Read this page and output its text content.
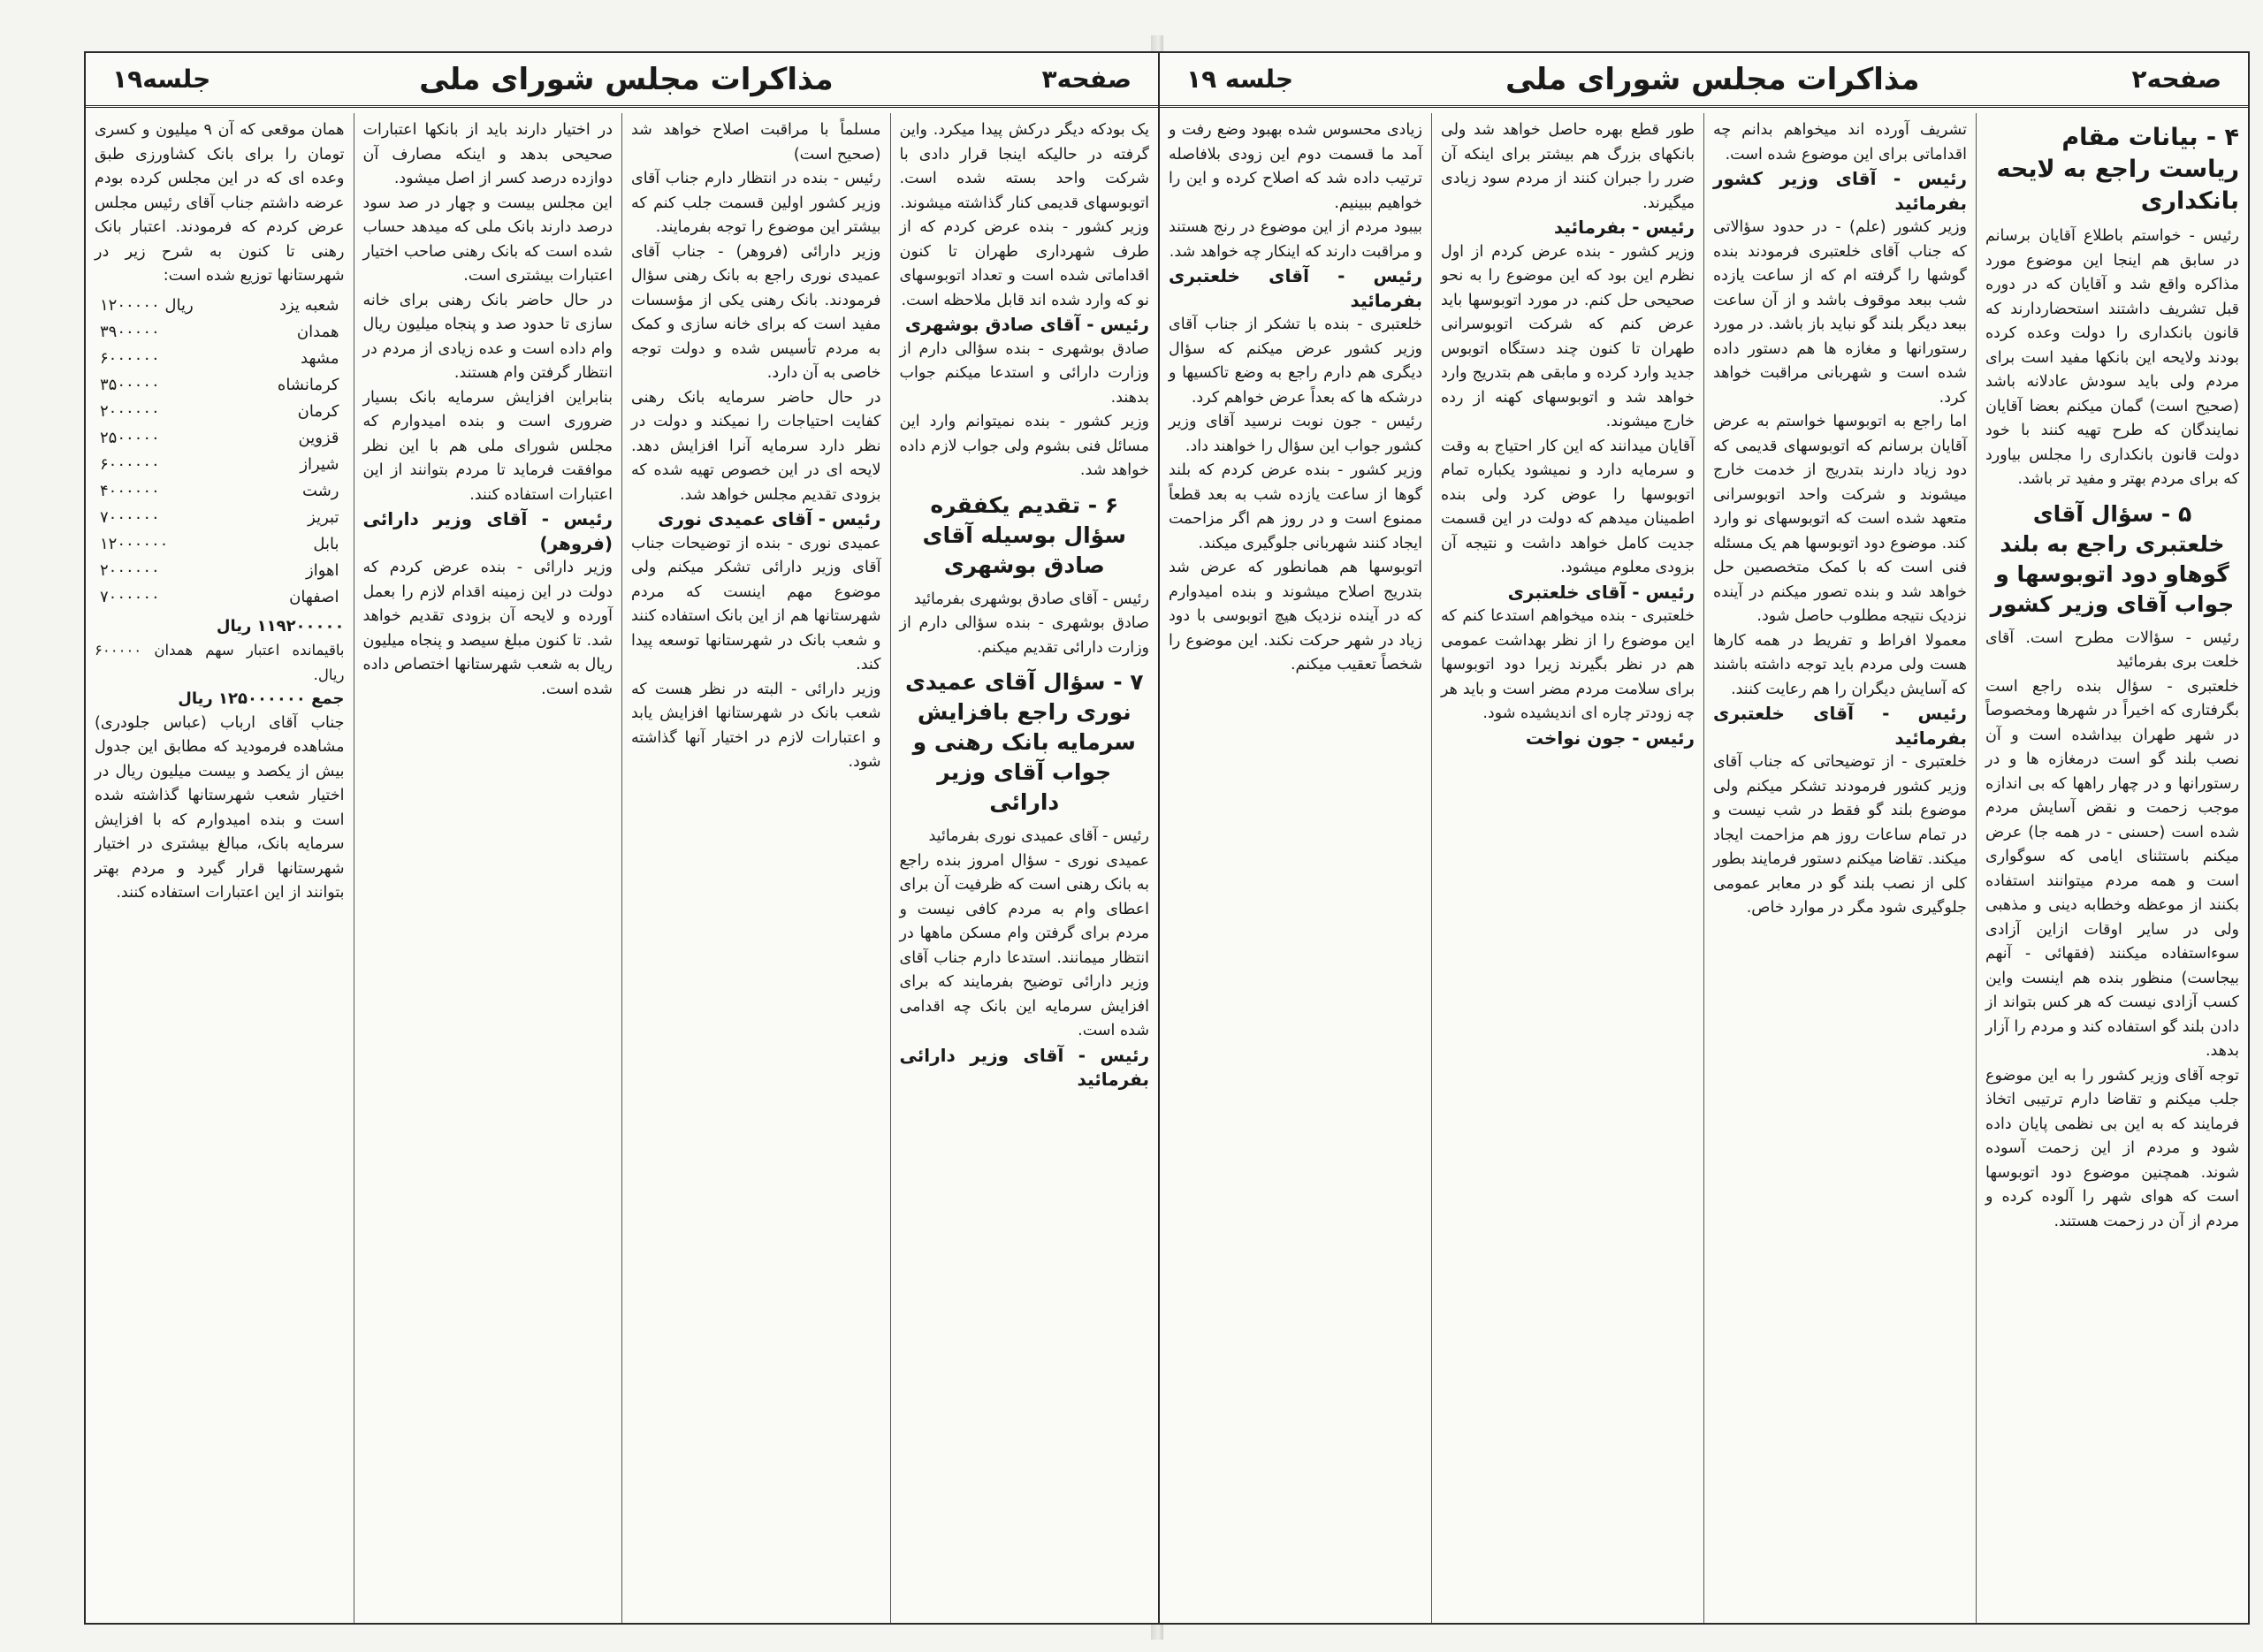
صفحه۲
مذاکرات مجلس شورای ملی
جلسه ۱۹
۴ - بیانات مقام ریاست راجع به لایحه بانکداری

رئیس - خواستم باطلاع آقایان برسانم در سابق هم اینجا این موضوع مورد مذاکره واقع شد و آقایان که در دوره قبل تشریف داشتند استحضاردارند که قانون بانکداری را دولت وعده کرده بودند ولایحه این بانکها مفید است برای مردم ولی باید سودش عادلانه باشد (صحیح است) گمان میکنم بعضا آقایان نمایندگان که طرح تهیه کنند با خود دولت قانون بانکداری را مجلس بیاورد که برای مردم بهتر و مفید تر باشد.

۵ - سؤال آقای خلعتبری راجع به بلند گوهاو دود اتوبوسها و جواب آقای وزیر کشور

رئیس - سؤالات مطرح است. آقای خلعت بری بفرمائید

خلعتبری - سؤال بنده راجع است بگرفتاری که اخیراً در شهرها ومخصوصاً در شهر طهران بیداشده است و آن نصب بلند گو است درمغازه ها و در رستورانها و در چهار راهها که بی اندازه موجب زحمت و نقض آسایش مردم شده است (حسنی - در همه جا) عرض میکنم باستثنای ایامی که سوگواری است و همه مردم میتوانند استفاده بکنند از موعظه وخطابه دینی و مذهبی ولی در سایر اوقات ازاین آزادی سوءاستفاده میکنند (فقهائی - آنهم بیجاست) منظور بنده هم اینست واین کسب آزادی نیست که هر کس بتواند از دادن بلند گو استفاده کند و مردم را آزار بدهد.

توجه آقای وزیر کشور را به این موضوع جلب میکنم و تقاضا دارم ترتیبی اتخاذ فرمایند که به این بی نظمی پایان داده شود و مردم از این زحمت آسوده شوند. همچنین موضوع دود اتوبوسها است که هوای شهر را آلوده کرده و مردم از آن در زحمت هستند.

تشریف آورده اند میخواهم بدانم چه اقداماتی برای این موضوع شده است.

رئیس - آقای وزیر کشور بفرمائید

وزیر کشور (علم) - در حدود سؤالاتی که جناب آقای خلعتبری فرمودند بنده گوشها را گرفته ام که از ساعت یازده شب ببعد موقوف باشد و از آن ساعت ببعد دیگر بلند گو نباید باز باشد. در مورد رستورانها و مغازه ها هم دستور داده شده است و شهربانی مراقبت خواهد کرد.

اما راجع به اتوبوسها خواستم به عرض آقایان برسانم که اتوبوسهای قدیمی که دود زیاد دارند بتدریج از خدمت خارج میشوند و شرکت واحد اتوبوسرانی متعهد شده است که اتوبوسهای نو وارد کند. موضوع دود اتوبوسها هم یک مسئله فنی است که با کمک متخصصین حل خواهد شد و بنده تصور میکنم در آینده نزدیک نتیجه مطلوب حاصل شود.

معمولا افراط و تفریط در همه کارها هست ولی مردم باید توجه داشته باشند که آسایش دیگران را هم رعایت کنند.

رئیس - آقای خلعتبری بفرمائید

خلعتبری - از توضیحاتی که جناب آقای وزیر کشور فرمودند تشکر میکنم ولی موضوع بلند گو فقط در شب نیست و در تمام ساعات روز هم مزاحمت ایجاد میکند. تقاضا میکنم دستور فرمایند بطور کلی از نصب بلند گو در معابر عمومی جلوگیری شود مگر در موارد خاص.

طور قطع بهره حاصل خواهد شد ولی بانکهای بزرگ هم بیشتر برای اینکه آن ضرر را جبران کنند از مردم سود زیادی میگیرند.

رئیس - بفرمائید

وزیر کشور - بنده عرض کردم از اول نظرم این بود که این موضوع را به نحو صحیحی حل کنم. در مورد اتوبوسها باید عرض کنم که شرکت اتوبوسرانی طهران تا کنون چند دستگاه اتوبوس جدید وارد کرده و مابقی هم بتدریج وارد خواهد شد و اتوبوسهای کهنه از رده خارج میشوند.

آقایان میدانند که این کار احتیاج به وقت و سرمایه دارد و نمیشود یکباره تمام اتوبوسها را عوض کرد ولی بنده اطمینان میدهم که دولت در این قسمت جدیت کامل خواهد داشت و نتیجه آن بزودی معلوم میشود.

رئیس - آقای خلعتبری

خلعتبری - بنده میخواهم استدعا کنم که این موضوع را از نظر بهداشت عمومی هم در نظر بگیرند زیرا دود اتوبوسها برای سلامت مردم مضر است و باید هر چه زودتر چاره ای اندیشیده شود.

رئیس - جون نواخت

زیادی محسوس شده بهبود وضع رفت و آمد ما قسمت دوم این زودی بلافاصله ترتیب داده شد که اصلاح کرده و این را خواهیم ببینیم.

بیبود مردم از این موضوع در رنج هستند و مراقبت دارند که اینکار چه خواهد شد.

رئیس - آقای خلعتبری بفرمائید

خلعتبری - بنده با تشکر از جناب آقای وزیر کشور عرض میکنم که سؤال دیگری هم دارم راجع به وضع تاکسیها و درشکه ها که بعداً عرض خواهم کرد.

رئیس - جون نوبت نرسید آقای وزیر کشور جواب این سؤال را خواهند داد.

وزیر کشور - بنده عرض کردم که بلند گوها از ساعت یازده شب به بعد قطعاً ممنوع است و در روز هم اگر مزاحمت ایجاد کنند شهربانی جلوگیری میکند.

اتوبوسها هم همانطور که عرض شد بتدریج اصلاح میشوند و بنده امیدوارم که در آینده نزدیک هیچ اتوبوسی با دود زیاد در شهر حرکت نکند. این موضوع را شخصاً تعقیب میکنم.

صفحه۳
مذاکرات مجلس شورای ملی
جلسه۱۹

یک بودکه دیگر درکش پیدا میکرد. واین گرفته در حالیکه اینجا قرار دادی با شرکت واحد بسته شده است. اتوبوسهای قدیمی کنار گذاشته میشوند.

وزیر کشور - بنده عرض کردم که از طرف شهرداری طهران تا کنون اقداماتی شده است و تعداد اتوبوسهای نو که وارد شده اند قابل ملاحظه است.

رئیس - آقای صادق بوشهری

صادق بوشهری - بنده سؤالی دارم از وزارت دارائی و استدعا میکنم جواب بدهند.

وزیر کشور - بنده نمیتوانم وارد این مسائل فنی بشوم ولی جواب لازم داده خواهد شد.

۶ - تقدیم یکفقره سؤال بوسیله آقای صادق بوشهری

رئیس - آقای صادق بوشهری بفرمائید

صادق بوشهری - بنده سؤالی دارم از وزارت دارائی تقدیم میکنم.

۷ - سؤال آقای عمیدی نوری راجع بافزایش سرمایه بانک رهنی و جواب آقای وزیر دارائی

رئیس - آقای عمیدی نوری بفرمائید

عمیدی نوری - سؤال امروز بنده راجع به بانک رهنی است که ظرفیت آن برای اعطای وام به مردم کافی نیست و مردم برای گرفتن وام مسکن ماهها در انتظار میمانند. استدعا دارم جناب آقای وزیر دارائی توضیح بفرمایند که برای افزایش سرمایه این بانک چه اقدامی شده است.

رئیس - آقای وزیر دارائی بفرمائید

مسلماً با مراقبت اصلاح خواهد شد (صحیح است)

رئیس - بنده در انتظار دارم جناب آقای وزیر کشور اولین قسمت جلب کنم که بیشتر این موضوع را توجه بفرمایند.

وزیر دارائی (فروهر) - جناب آقای عمیدی نوری راجع به بانک رهنی سؤال فرمودند. بانک رهنی یکی از مؤسسات مفید است که برای خانه سازی و کمک به مردم تأسیس شده و دولت توجه خاصی به آن دارد.

در حال حاضر سرمایه بانک رهنی کفایت احتیاجات را نمیکند و دولت در نظر دارد سرمایه آنرا افزایش دهد. لایحه ای در این خصوص تهیه شده که بزودی تقدیم مجلس خواهد شد.

رئیس - آقای عمیدی نوری

عمیدی نوری - بنده از توضیحات جناب آقای وزیر دارائی تشکر میکنم ولی موضوع مهم اینست که مردم شهرستانها هم از این بانک استفاده کنند و شعب بانک در شهرستانها توسعه پیدا کند.

وزیر دارائی - البته در نظر هست که شعب بانک در شهرستانها افزایش یابد و اعتبارات لازم در اختیار آنها گذاشته شود.

در اختیار دارند باید از بانکها اعتبارات صحیحی بدهد و اینکه مصارف آن دوازده درصد کسر از اصل میشود.

این مجلس بیست و چهار در صد سود درصد دارند بانک ملی که میدهد حساب شده است که بانک رهنی صاحب اختیار اعتبارات بیشتری است.

در حال حاضر بانک رهنی برای خانه سازی تا حدود صد و پنجاه میلیون ریال وام داده است و عده زیادی از مردم در انتظار گرفتن وام هستند.

بنابراین افزایش سرمایه بانک بسیار ضروری است و بنده امیدوارم که مجلس شورای ملی هم با این نظر موافقت فرماید تا مردم بتوانند از این اعتبارات استفاده کنند.

رئیس - آقای وزیر دارائی (فروهر)

وزیر دارائی - بنده عرض کردم که دولت در این زمینه اقدام لازم را بعمل آورده و لایحه آن بزودی تقدیم خواهد شد. تا کنون مبلغ سیصد و پنجاه میلیون ریال به شعب شهرستانها اختصاص داده شده است.

همان موقعی که آن ۹ میلیون و کسری تومان را برای بانک کشاورزی طبق وعده ای که در این مجلس کرده بودم عرضه داشتم جناب آقای رئیس مجلس عرض کردم که فرمودند. اعتبار بانک رهنی تا کنون به شرح زیر در شهرستانها توزیع شده است:

شعبه یزد	۱۲۰۰۰۰۰ ریال
همدان	۳۹۰۰۰۰۰
مشهد	۶۰۰۰۰۰۰
کرمانشاه	۳۵۰۰۰۰۰
کرمان	۲۰۰۰۰۰۰
قزوین	۲۵۰۰۰۰۰
شیراز	۶۰۰۰۰۰۰
رشت	۴۰۰۰۰۰۰
تبریز	۷۰۰۰۰۰۰
بابل	۱۲۰۰۰۰۰۰
اهواز	۲۰۰۰۰۰۰
اصفهان	۷۰۰۰۰۰۰

۱۱۹۲۰۰۰۰۰ ریال

باقیمانده اعتبار سهم همدان ۶۰۰۰۰۰ ریال.

جمع ۱۲۵۰۰۰۰۰۰ ریال

جناب آقای ارباب (عباس جلودری) مشاهده فرمودید که مطابق این جدول بیش از یکصد و بیست میلیون ریال در اختیار شعب شهرستانها گذاشته شده است و بنده امیدوارم که با افزایش سرمایه بانک، مبالغ بیشتری در اختیار شهرستانها قرار گیرد و مردم بهتر بتوانند از این اعتبارات استفاده کنند.
